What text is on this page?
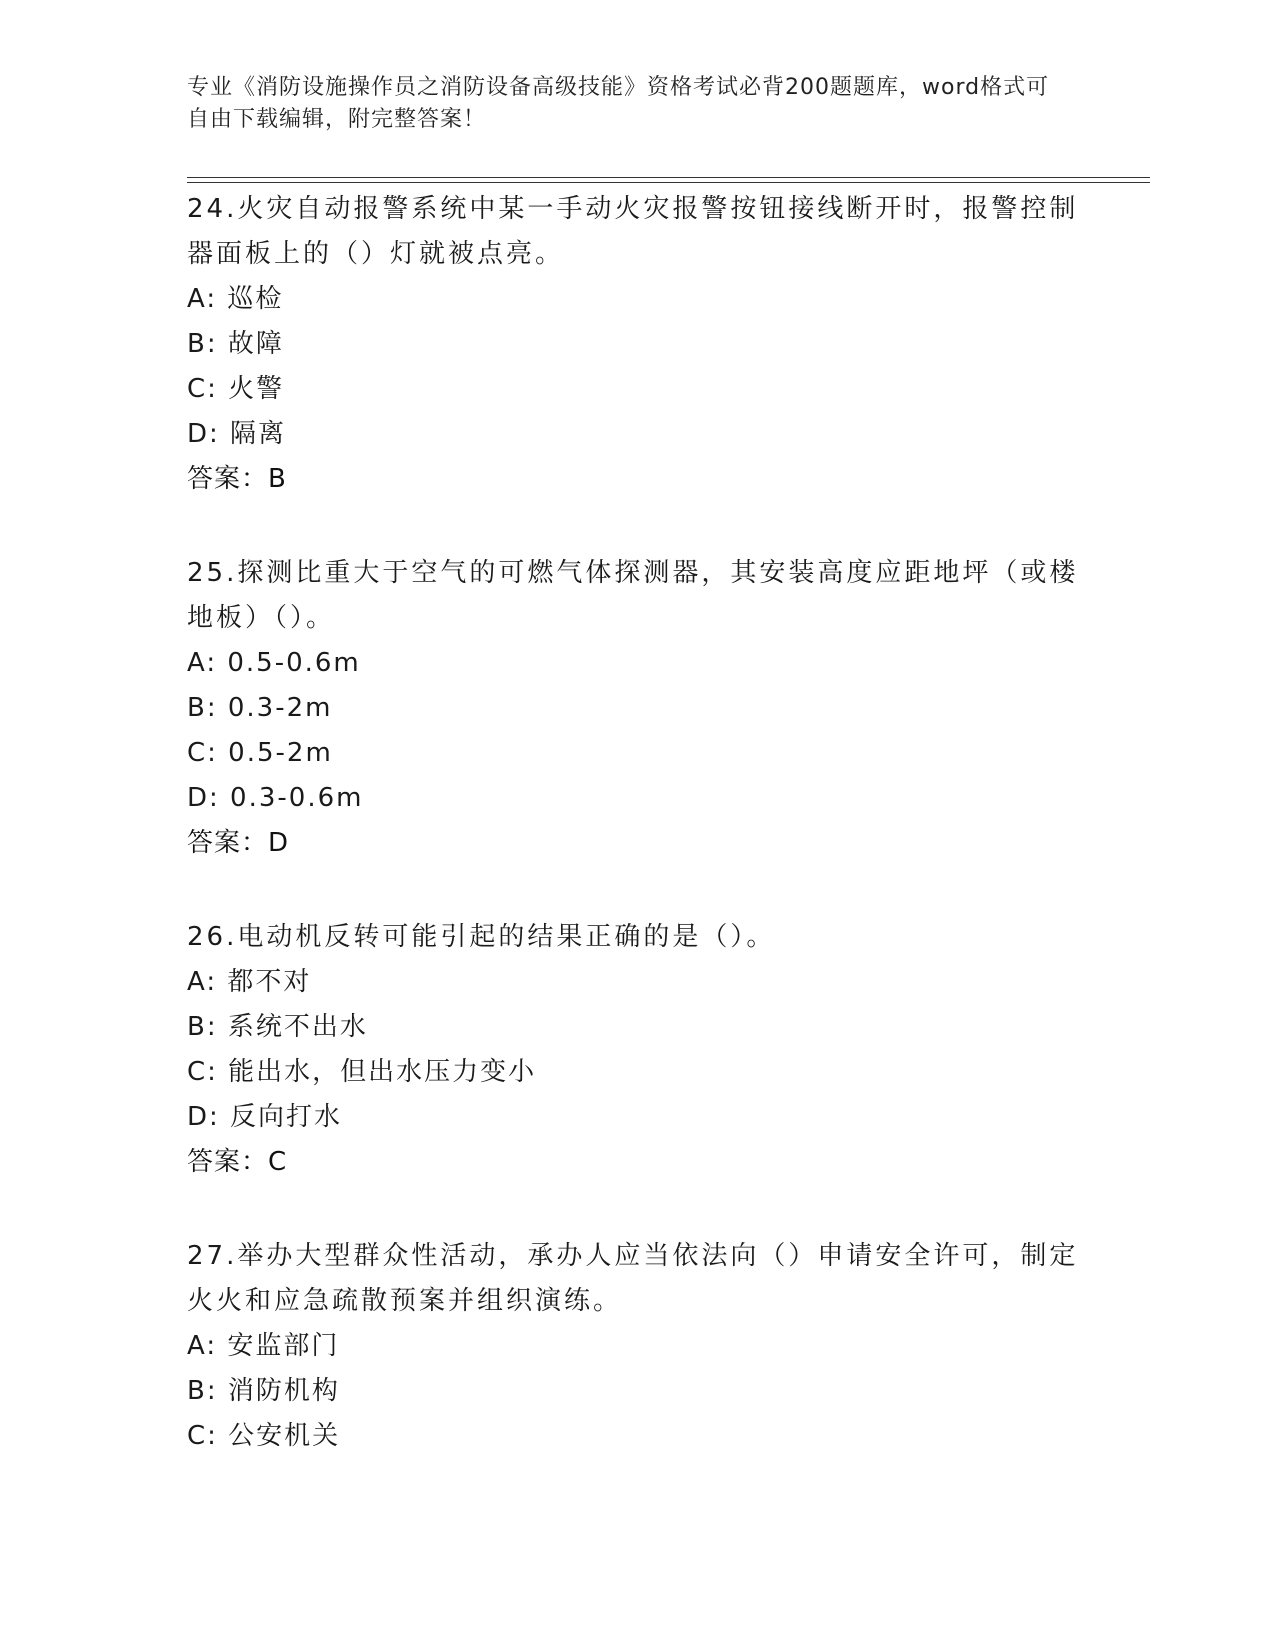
专业《消防设施操作员之消防设备高级技能》资格考试必背200题题库，word格式可自由下载编辑，附完整答案！

24.火灾自动报警系统中某一手动火灾报警按钮接线断开时，报警控制器面板上的（）灯就被点亮。

A: 巡检

B: 故障

C: 火警

D: 隔离

答案：B

25.探测比重大于空气的可燃气体探测器，其安装高度应距地坪（或楼地板）（）。

A: 0.5-0.6m

B: 0.3-2m

C: 0.5-2m

D: 0.3-0.6m

答案：D

26.电动机反转可能引起的结果正确的是（）。

A: 都不对

B: 系统不出水

C: 能出水，但出水压力变小

D: 反向打水

答案：C

27.举办大型群众性活动，承办人应当依法向（）申请安全许可，制定火火和应急疏散预案并组织演练。

A: 安监部门

B: 消防机构

C: 公安机关
